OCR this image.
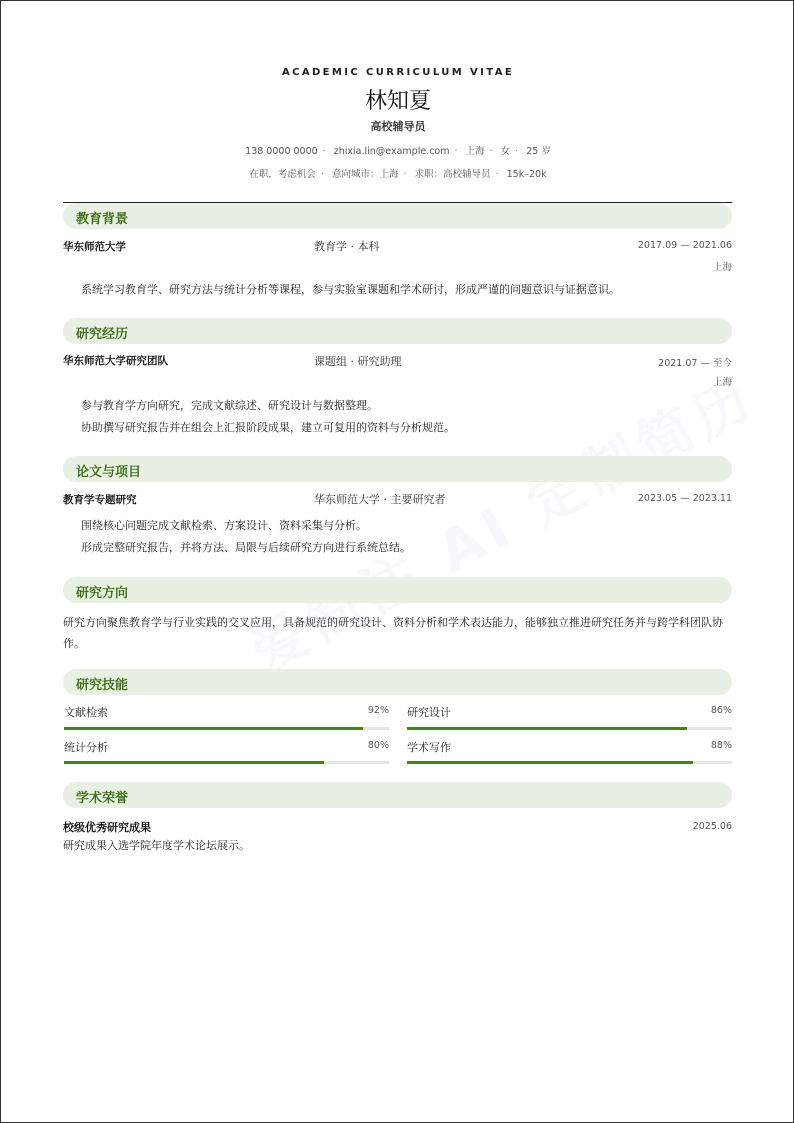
ACADEMIC CURRICULUM VITAE
林知夏
高校辅导员
138 0000 0000 · zhixia.lin@example.com · 上海 · 女 · 25 岁
在职，考虑机会 · 意向城市：上海 · 求职：高校辅导员 · 15k–20k
教育背景
华东师范大学	教育学 · 本科	2017.09 — 2021.06
上海
系统学习教育学、研究方法与统计分析等课程，参与实验室课题和学术研讨，形成严谨的问题意识与证据意识。
研究经历
华东师范大学研究团队	课题组 · 研究助理	2021.07 — 至今
上海
参与教育学方向研究，完成文献综述、研究设计与数据整理。
协助撰写研究报告并在组会上汇报阶段成果，建立可复用的资料与分析规范。
论文与项目
教育学专题研究	华东师范大学 · 主要研究者	2023.05 — 2023.11
围绕核心问题完成文献检索、方案设计、资料采集与分析。
形成完整研究报告，并将方法、局限与后续研究方向进行系统总结。
研究方向
研究方向聚焦教育学与行业实践的交叉应用，具备规范的研究设计、资料分析和学术表达能力，能够独立推进研究任务并与跨学科团队协作。
研究技能
文献检索	92% 研究设计	86%
统计分析	80% 学术写作	88%
学术荣誉
校级优秀研究成果	2025.06
研究成果入选学院年度学术论坛展示。
